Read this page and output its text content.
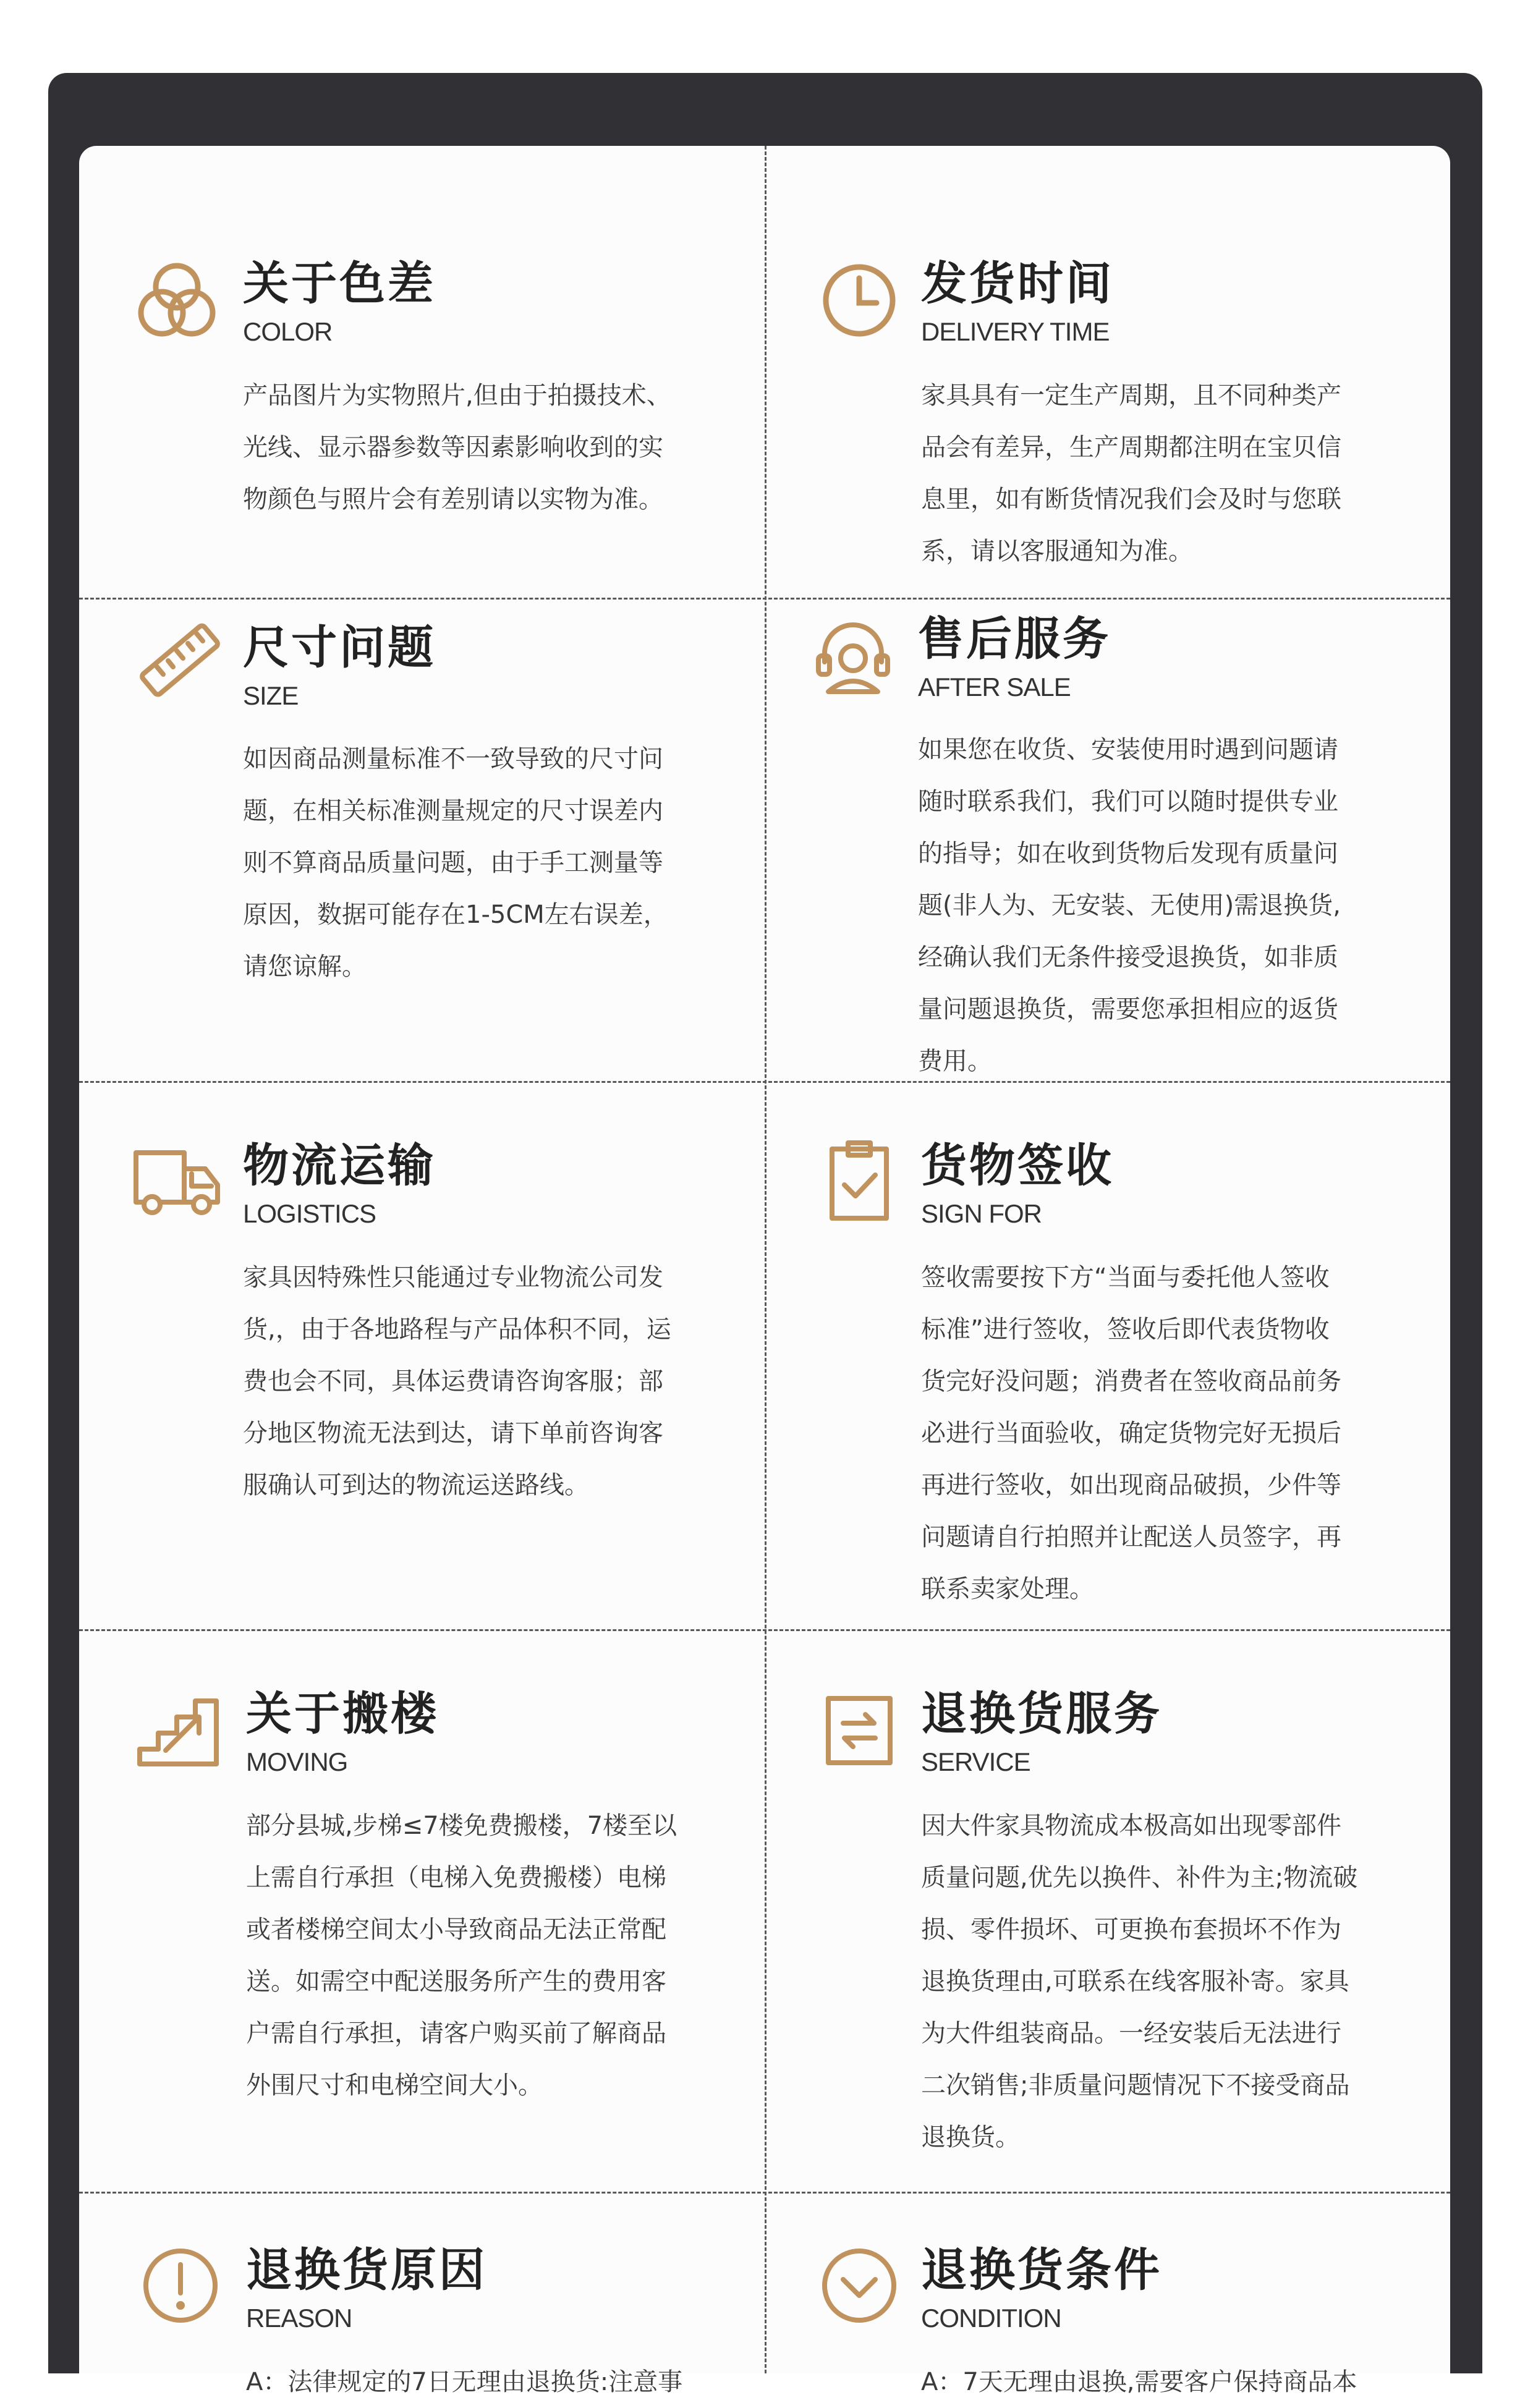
关于色差
COLOR
产品图片为实物照片,但由于拍摄技术、
光线、显示器参数等因素影响收到的实
物颜色与照片会有差别请以实物为准。
发货时间
DELIVERY TIME
家具具有一定生产周期，且不同种类产
品会有差异，生产周期都注明在宝贝信
息里，如有断货情况我们会及时与您联
系，请以客服通知为准。
尺寸问题
SIZE
如因商品测量标准不一致导致的尺寸问
题，在相关标准测量规定的尺寸误差内
则不算商品质量问题，由于手工测量等
原因，数据可能存在1-5CM左右误差，
请您谅解。
售后服务
AFTER SALE
如果您在收货、安装使用时遇到问题请
随时联系我们，我们可以随时提供专业
的指导；如在收到货物后发现有质量问
题(非人为、无安装、无使用)需退换货,
经确认我们无条件接受退换货，如非质
量问题退换货，需要您承担相应的返货
费用。
物流运输
LOGISTICS
家具因特殊性只能通过专业物流公司发
货,，由于各地路程与产品体积不同，运
费也会不同，具体运费请咨询客服；部
分地区物流无法到达，请下单前咨询客
服确认可到达的物流运送路线。
货物签收
SIGN FOR
签收需要按下方“当面与委托他人签收
标准”进行签收，签收后即代表货物收
货完好没问题；消费者在签收商品前务
必进行当面验收，确定货物完好无损后
再进行签收，如出现商品破损，少件等
问题请自行拍照并让配送人员签字，再
联系卖家处理。
关于搬楼
MOVING
部分县城,步梯≤7楼免费搬楼，7楼至以
上需自行承担（电梯入免费搬楼）电梯
或者楼梯空间太小导致商品无法正常配
送。如需空中配送服务所产生的费用客
户需自行承担，请客户购买前了解商品
外围尺寸和电梯空间大小。
退换货服务
SERVICE
因大件家具物流成本极高如出现零部件
质量问题,优先以换件、补件为主;物流破
损、零件损坏、可更换布套损坏不作为
退换货理由,可联系在线客服补寄。家具
为大件组装商品。一经安装后无法进行
二次销售;非质量问题情况下不接受商品
退换货。
退换货原因
REASON
A：法律规定的7日无理由退换货:注意事
退换货条件
CONDITION
A：7天无理由退换,需要客户保持商品本
